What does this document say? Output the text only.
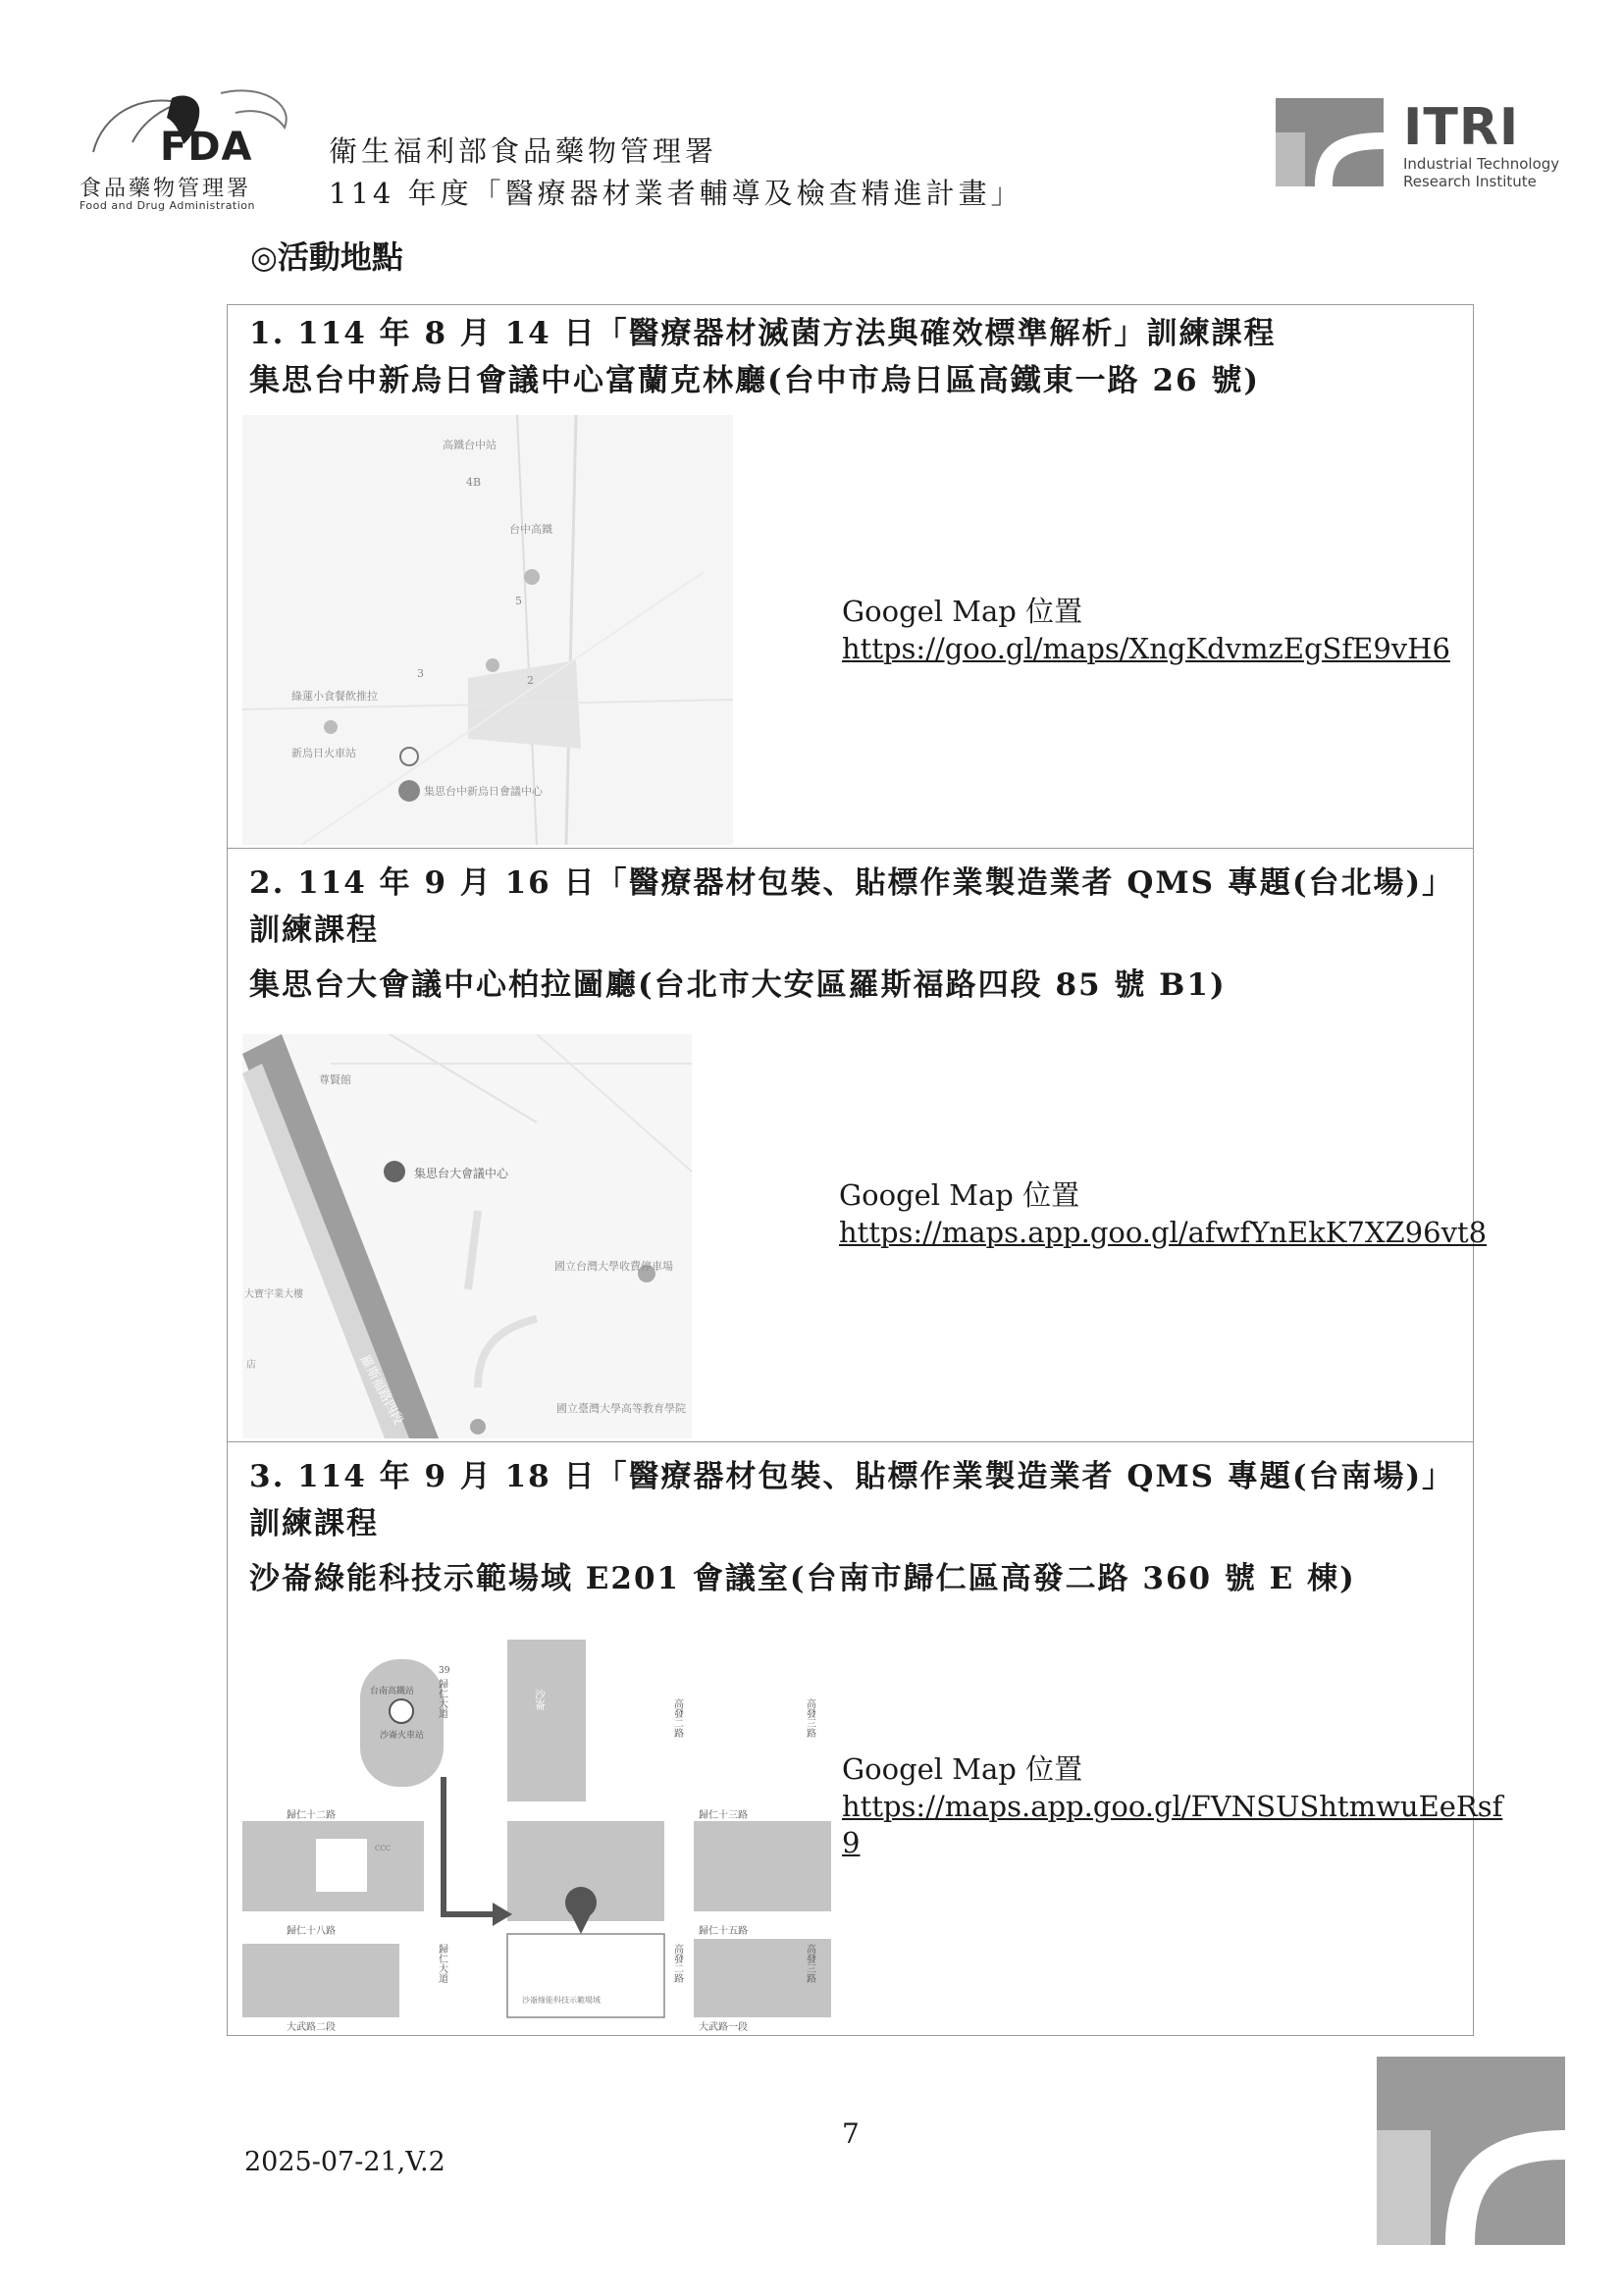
FDA
食品藥物管理署
Food and Drug Administration
衛生福利部食品藥物管理署
114 年度「醫療器材業者輔導及檢查精進計畫」
ITRI
Industrial Technology
Research Institute
◎活動地點
1. 114 年 8 月 14 日「醫療器材滅菌方法與確效標準解析」訓練課程
集思台中新烏日會議中心富蘭克林廳(台中市烏日區高鐵東一路 26 號)
高鐵台中站
4B
台中高鐵
5
3
2
綠蓮小食餐飲推拉
新烏日火車站
集思台中新烏日會議中心
Googel Map 位置
https://goo.gl/maps/XngKdvmzEgSfE9vH6
2. 114 年 9 月 16 日「醫療器材包裝、貼標作業製造業者 QMS 專題(台北場)」
訓練課程
集思台大會議中心柏拉圖廳(台北市大安區羅斯福路四段 85 號 B1)
尊賢館
集思台大會議中心
國立台灣大學收費停車場
大寶宇業大樓
國立臺灣大學高等教育學院
店	羅斯福路四段
Googel Map 位置
https://maps.app.goo.gl/afwfYnEkK7XZ96vt8
3. 114 年 9 月 18 日「醫療器材包裝、貼標作業製造業者 QMS 專題(台南場)」
訓練課程
沙崙綠能科技示範場域 E201 會議室(台南市歸仁區高發二路 360 號 E 棟)
台南高鐵站
沙崙火車站
歸仁十二路	歸仁十三路
歸仁十八路	歸仁十五路
大武路二段	大武路一段
歸仁大道
歸仁大道
高發二路
高發二路
高發三路
高發三路
沙崙
沙崙綠能科技示範場域
39
CCC
Googel Map 位置
https://maps.app.goo.gl/FVNSUShtmwuEeRsf
9
7
2025-07-21,V.2
